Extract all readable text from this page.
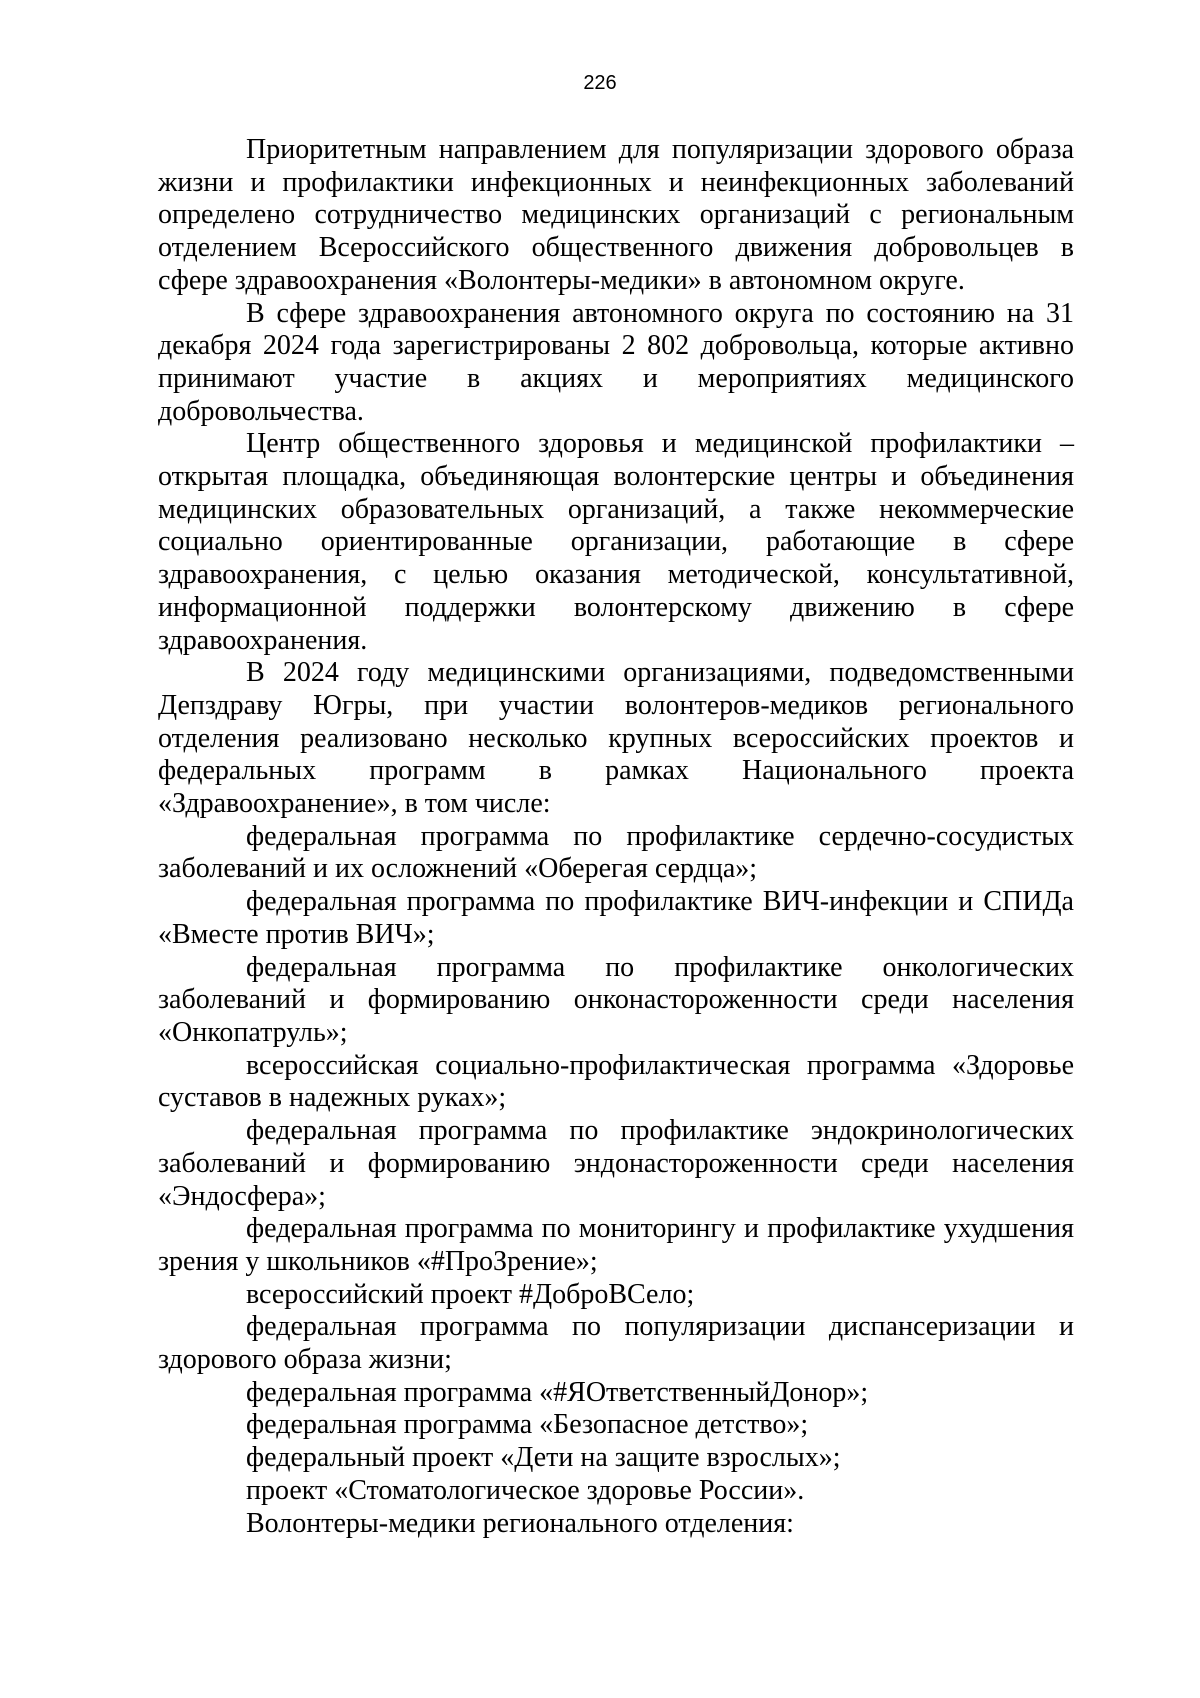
226

Приоритетным направлением для популяризации здорового образа жизни и профилактики инфекционных и неинфекционных заболеваний определено сотрудничество медицинских организаций с региональным отделением Всероссийского общественного движения добровольцев в сфере здравоохранения «Волонтеры-медики» в автономном округе.

В сфере здравоохранения автономного округа по состоянию на 31 декабря 2024 года зарегистрированы 2 802 добровольца, которые активно принимают участие в акциях и мероприятиях медицинского добровольчества.

Центр общественного здоровья и медицинской профилактики – открытая площадка, объединяющая волонтерские центры и объединения медицинских образовательных организаций, а также некоммерческие социально ориентированные организации, работающие в сфере здравоохранения, с целью оказания методической, консультативной, информационной поддержки волонтерскому движению в сфере здравоохранения.

В 2024 году медицинскими организациями, подведомственными Депздраву Югры, при участии волонтеров-медиков регионального отделения реализовано несколько крупных всероссийских проектов и федеральных программ в рамках Национального проекта «Здравоохранение», в том числе:

федеральная программа по профилактике сердечно-сосудистых заболеваний и их осложнений «Оберегая сердца»;

федеральная программа по профилактике ВИЧ-инфекции и СПИДа «Вместе против ВИЧ»;

федеральная программа по профилактике онкологических заболеваний и формированию онконастороженности среди населения «Онкопатруль»;

всероссийская социально-профилактическая программа «Здоровье суставов в надежных руках»;

федеральная программа по профилактике эндокринологических заболеваний и формированию эндонастороженности среди населения «Эндосфера»;

федеральная программа по мониторингу и профилактике ухудшения зрения у школьников «#ПроЗрение»;

всероссийский проект #ДоброВСело;

федеральная программа по популяризации диспансеризации и здорового образа жизни;

федеральная программа «#ЯОтветственныйДонор»;

федеральная программа «Безопасное детство»;

федеральный проект «Дети на защите взрослых»;

проект «Стоматологическое здоровье России».

Волонтеры-медики регионального отделения:
